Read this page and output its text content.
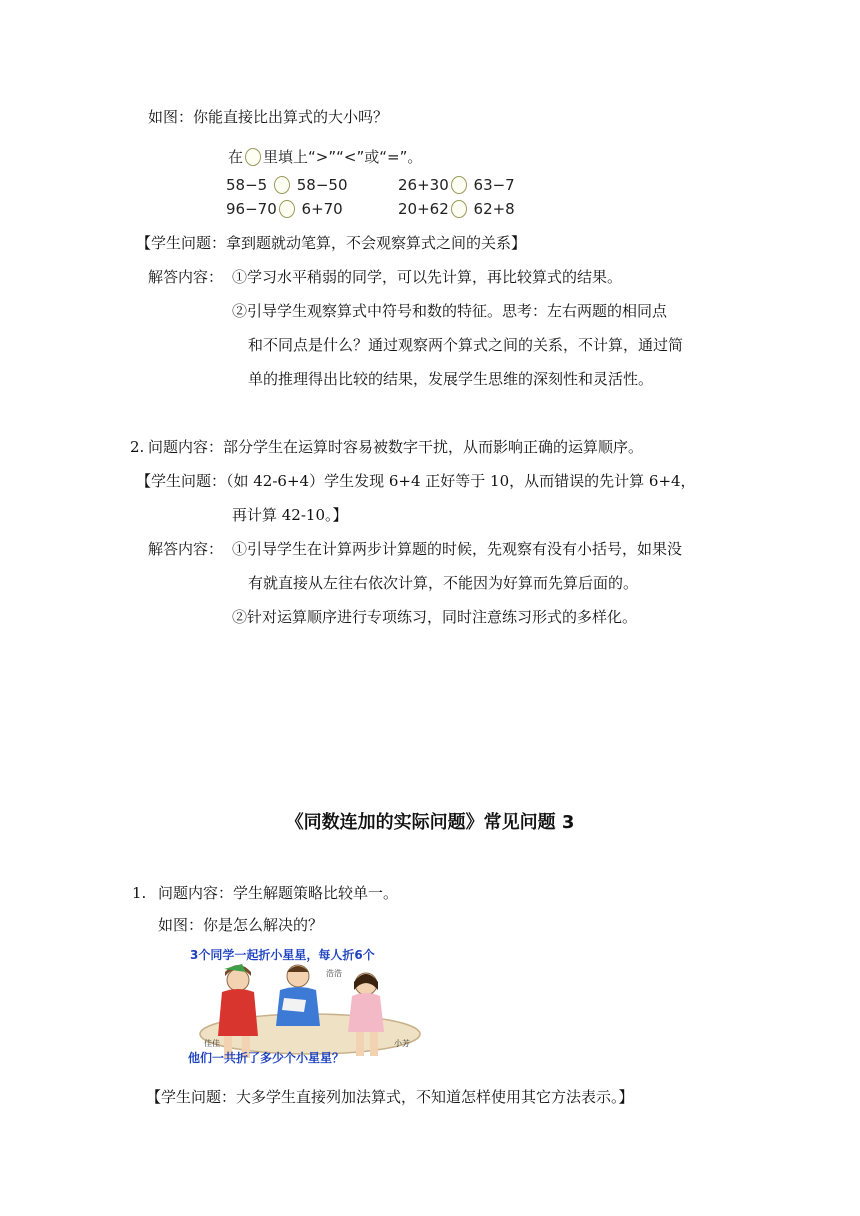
如图：你能直接比出算式的大小吗？
在 里填上“>”“<”或“=”。
58−5 58−50	26+30 63−7
96−70 6+70	20+62 62+8
【学生问题：拿到题就动笔算，不会观察算式之间的关系】
解答内容： ①学习水平稍弱的同学，可以先计算，再比较算式的结果。
②引导学生观察算式中符号和数的特征。思考：左右两题的相同点
和不同点是什么？通过观察两个算式之间的关系，不计算，通过简
单的推理得出比较的结果，发展学生思维的深刻性和灵活性。
2. 问题内容：部分学生在运算时容易被数字干扰，从而影响正确的运算顺序。
【学生问题：（如 42-6+4）学生发现 6+4 正好等于 10，从而错误的先计算 6+4，
再计算 42-10。】
解答内容： ①引导学生在计算两步计算题的时候，先观察有没有小括号，如果没
有就直接从左往右依次计算，不能因为好算而先算后面的。
②针对运算顺序进行专项练习，同时注意练习形式的多样化。
《同数连加的实际问题》常见问题 3
1. 问题内容：学生解题策略比较单一。
如图：你是怎么解决的？
3个同学一起折小星星，每人折6个
佳佳
浩浩
小芳
他们一共折了多少个小星星？
【学生问题：大多学生直接列加法算式，不知道怎样使用其它方法表示。】
